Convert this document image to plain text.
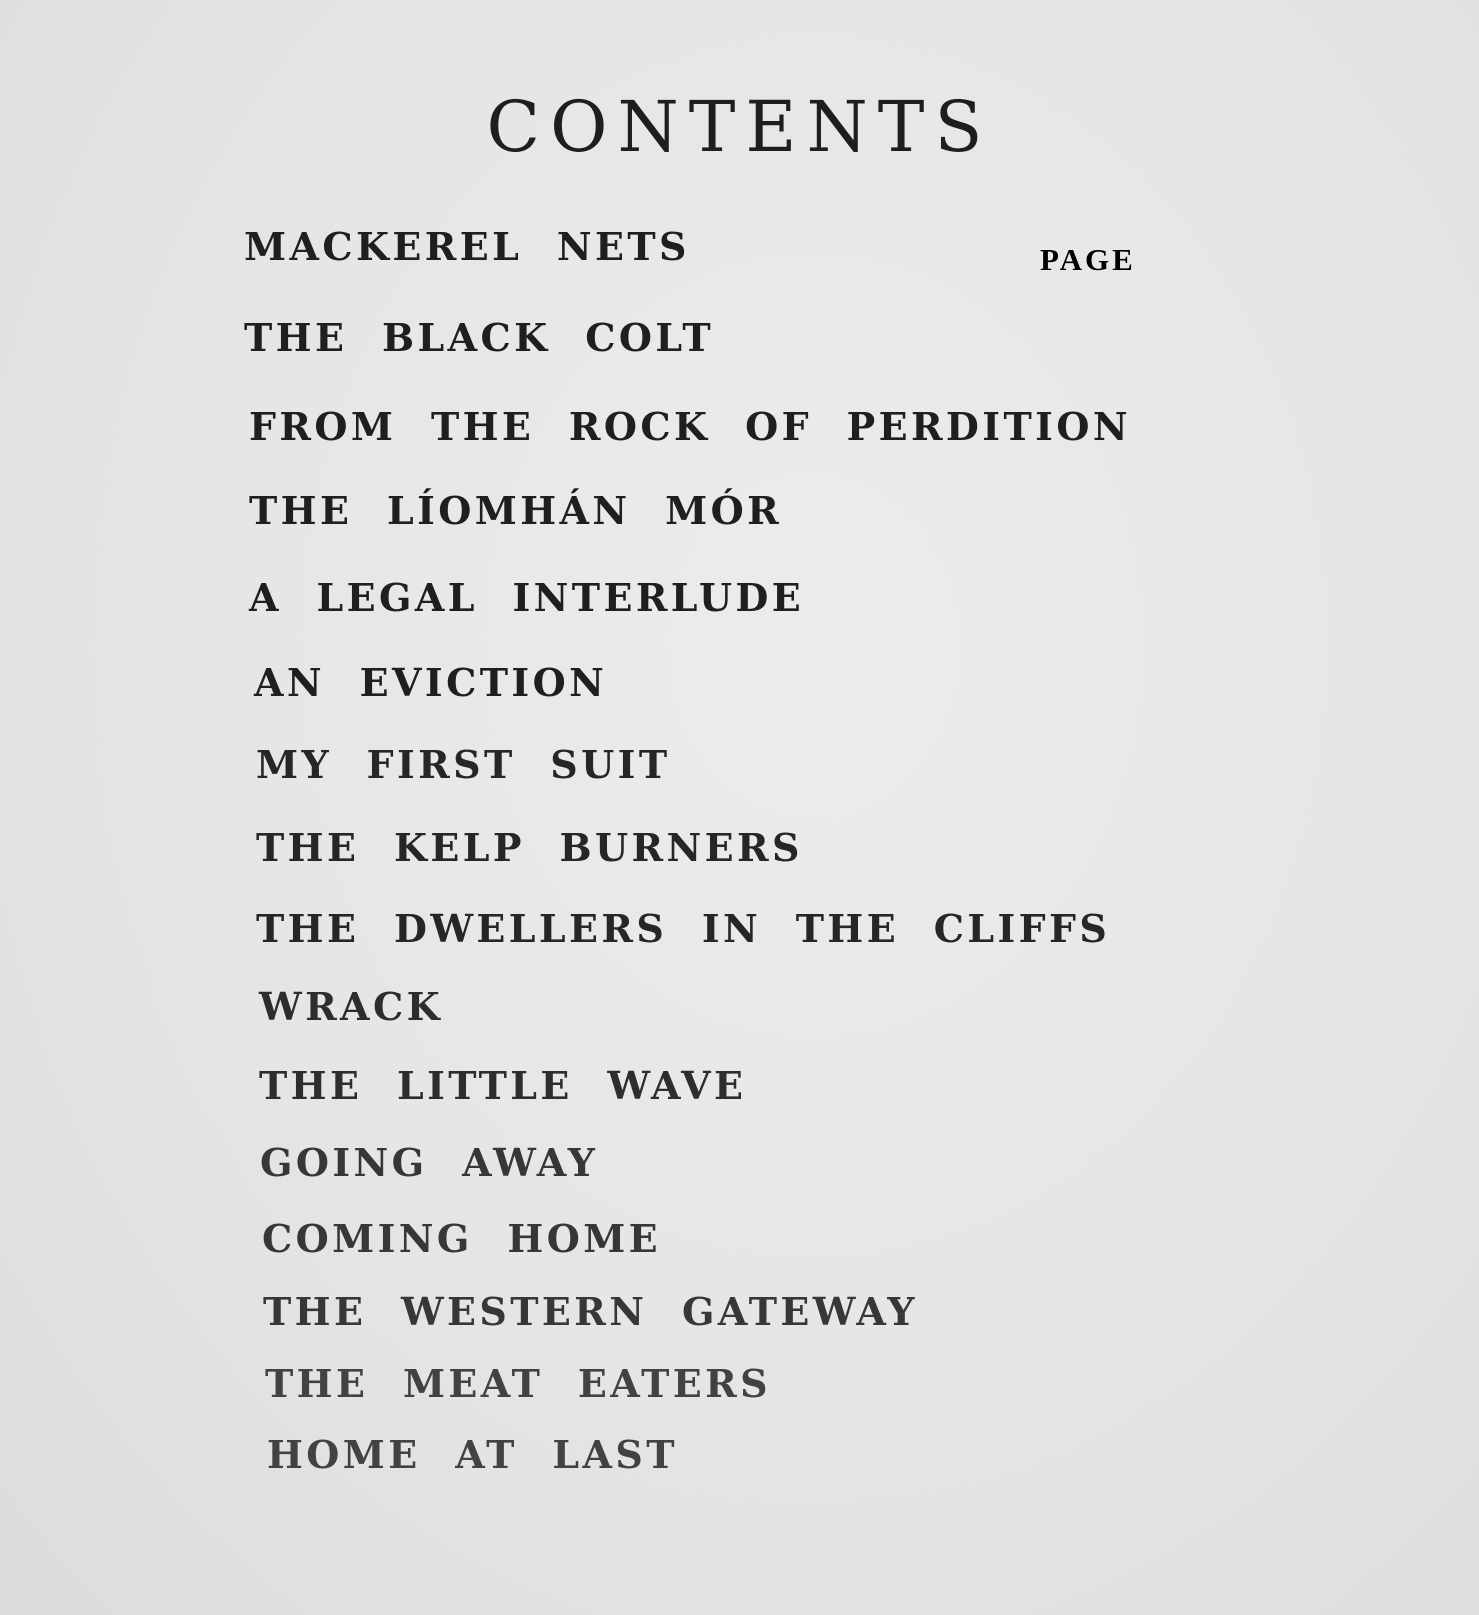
CONTENTS
PAGE
MACKEREL NETS
THE BLACK COLT
FROM THE ROCK OF PERDITION
THE LÍOMHÁN MÓR
A LEGAL INTERLUDE
AN EVICTION
MY FIRST SUIT
THE KELP BURNERS
THE DWELLERS IN THE CLIFFS
WRACK
THE LITTLE WAVE
GOING AWAY
COMING HOME
THE WESTERN GATEWAY
THE MEAT EATERS
HOME AT LAST
